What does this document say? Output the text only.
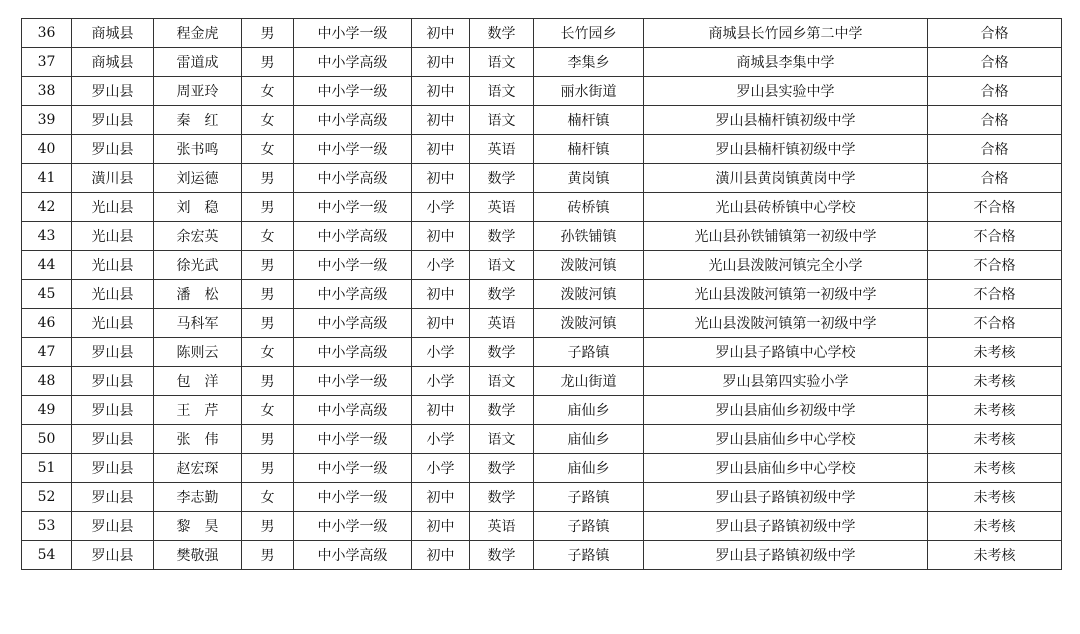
36	商城县	程金虎	男	中小学一级	初中	数学	长竹园乡	商城县长竹园乡第二中学	合格
37	商城县	雷道成	男	中小学高级	初中	语文	李集乡	商城县李集中学	合格
38	罗山县	周亚玲	女	中小学一级	初中	语文	丽水街道	罗山县实验中学	合格
39	罗山县	秦　红	女	中小学高级	初中	语文	楠杆镇	罗山县楠杆镇初级中学	合格
40	罗山县	张书鸣	女	中小学一级	初中	英语	楠杆镇	罗山县楠杆镇初级中学	合格
41	潢川县	刘运德	男	中小学高级	初中	数学	黄岗镇	潢川县黄岗镇黄岗中学	合格
42	光山县	刘　稳	男	中小学一级	小学	英语	砖桥镇	光山县砖桥镇中心学校	不合格
43	光山县	余宏英	女	中小学高级	初中	数学	孙铁铺镇	光山县孙铁铺镇第一初级中学	不合格
44	光山县	徐光武	男	中小学一级	小学	语文	泼陂河镇	光山县泼陂河镇完全小学	不合格
45	光山县	潘　松	男	中小学高级	初中	数学	泼陂河镇	光山县泼陂河镇第一初级中学	不合格
46	光山县	马科军	男	中小学高级	初中	英语	泼陂河镇	光山县泼陂河镇第一初级中学	不合格
47	罗山县	陈则云	女	中小学高级	小学	数学	子路镇	罗山县子路镇中心学校	未考核
48	罗山县	包　洋	男	中小学一级	小学	语文	龙山街道	罗山县第四实验小学	未考核
49	罗山县	王　芹	女	中小学高级	初中	数学	庙仙乡	罗山县庙仙乡初级中学	未考核
50	罗山县	张　伟	男	中小学一级	小学	语文	庙仙乡	罗山县庙仙乡中心学校	未考核
51	罗山县	赵宏琛	男	中小学一级	小学	数学	庙仙乡	罗山县庙仙乡中心学校	未考核
52	罗山县	李志勤	女	中小学一级	初中	数学	子路镇	罗山县子路镇初级中学	未考核
53	罗山县	黎　昊	男	中小学一级	初中	英语	子路镇	罗山县子路镇初级中学	未考核
54	罗山县	樊敬强	男	中小学高级	初中	数学	子路镇	罗山县子路镇初级中学	未考核
